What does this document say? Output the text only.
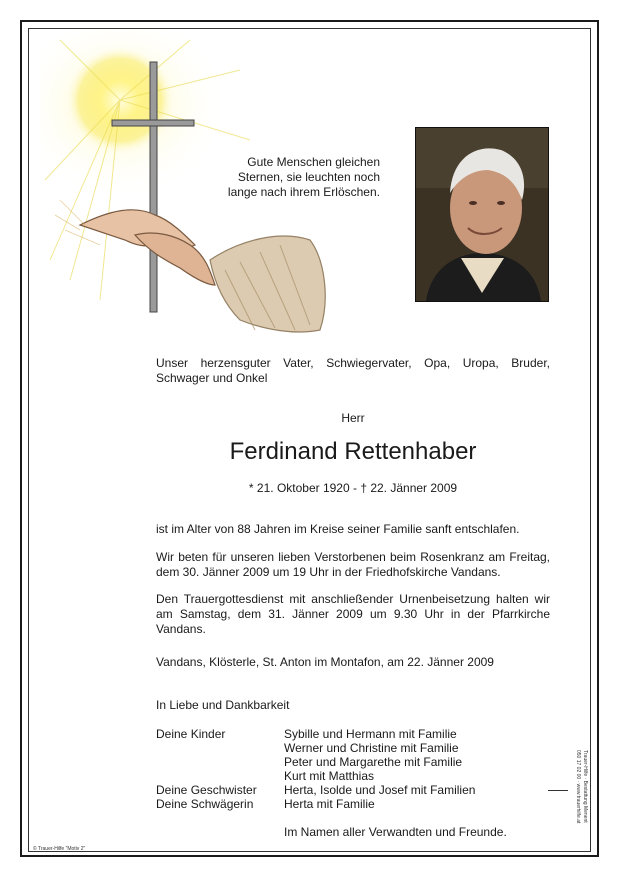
Gute Menschen gleichen
Sternen, sie leuchten noch
lange nach ihrem Erlöschen.
Unser herzensguter Vater, Schwiegervater, Opa, Uropa, Bruder, Schwager und Onkel
Herr
Ferdinand Rettenhaber
* 21. Oktober 1920 - † 22. Jänner 2009
ist im Alter von 88 Jahren im Kreise seiner Familie sanft entschlafen.
Wir beten für unseren lieben Verstorbenen beim Rosenkranz am Freitag, dem 30. Jänner 2009 um 19 Uhr in der Friedhofskirche Vandans.
Den Trauergottesdienst mit anschließender Urnenbeisetzung halten wir am Samstag, dem 31. Jänner 2009 um 9.30 Uhr in der Pfarrkirche Vandans.
Vandans, Klösterle, St. Anton im Montafon, am 22. Jänner 2009
In Liebe und Dankbarkeit
Deine Kinder	Sybille und Hermann mit Familie
Werner und Christine mit Familie
Peter und Margarethe mit Familie
Kurt mit Matthias
Deine Geschwister Herta, Isolde und Josef mit Familien
Deine Schwägerin	Herta mit Familie
Im Namen aller Verwandten und Freunde.
© Trauer-Hilfe "Motiv 2"
Trauer-Hilfe · Bestattung Menent
050 17 02 00 · www.trauerhilfe.at
